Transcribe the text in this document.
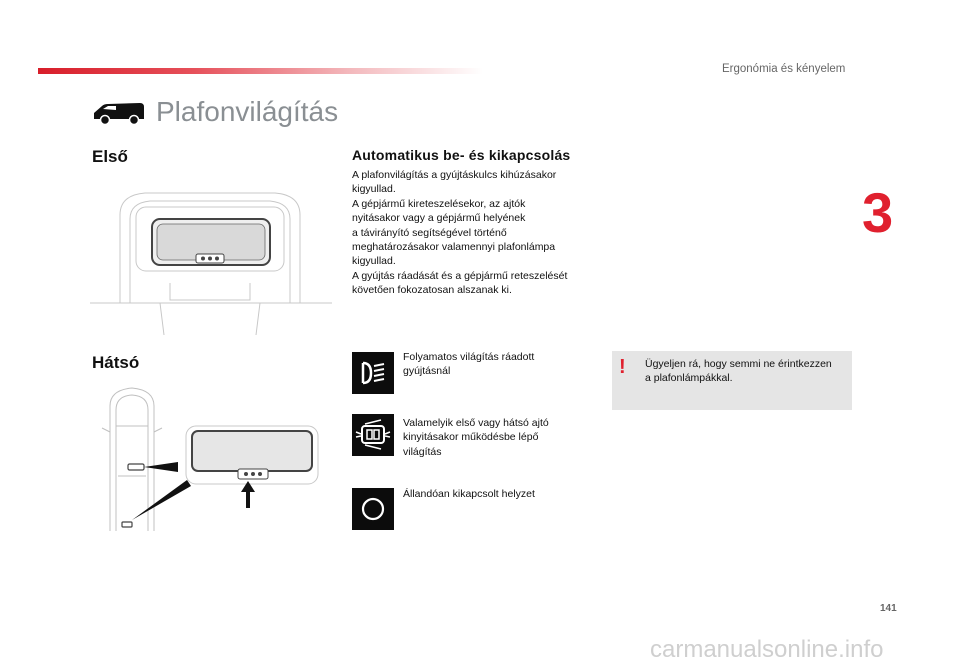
Ergonómia és kényelem
Plafonvilágítás
3
Első
Hátsó
Automatikus be- és kikapcsolás
A plafonvilágítás a gyújtáskulcs kihúzásakor
kigyullad.
A gépjármű kireteszelésekor, az ajtók
nyitásakor vagy a gépjármű helyének
a távirányító segítségével történő
meghatározásakor valamennyi plafonlámpa
kigyullad.
A gyújtás ráadását és a gépjármű reteszelését
követően fokozatosan alszanak ki.
Folyamatos világítás ráadott
gyújtásnál
Valamelyik első vagy hátsó ajtó
kinyitásakor működésbe lépő
világítás
Állandóan kikapcsolt helyzet
! Ügyeljen rá, hogy semmi ne érintkezzen
a plafonlámpákkal.
141
carmanualsonline.info
